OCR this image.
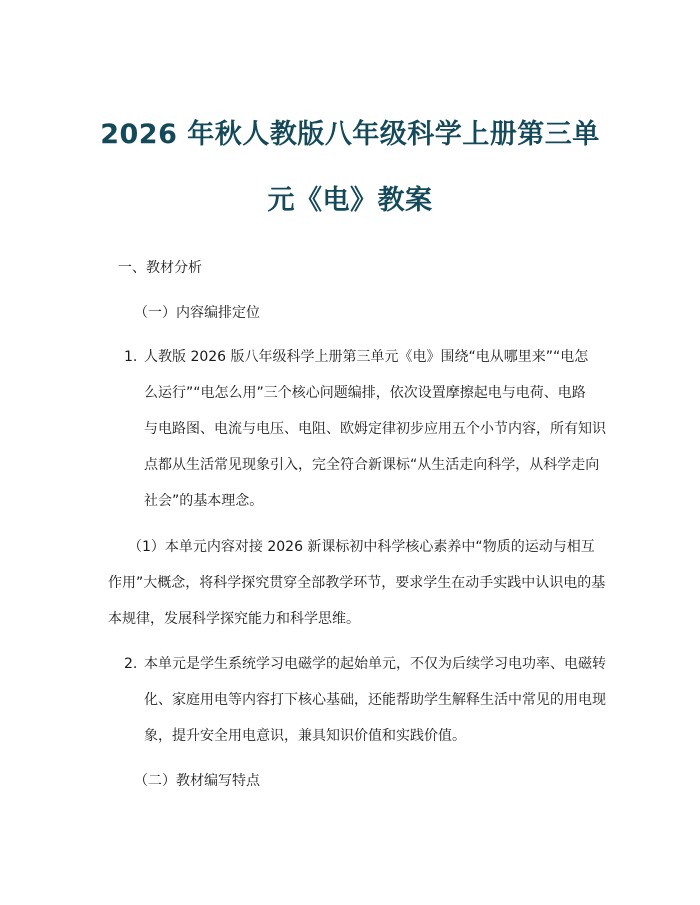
2026 年秋人教版八年级科学上册第三单
元《电》教案
一、教材分析
（一）内容编排定位
1. 人教版 2026 版八年级科学上册第三单元《电》围绕“电从哪里来”“电怎
么运行”“电怎么用”三个核心问题编排，依次设置摩擦起电与电荷、电路
与电路图、电流与电压、电阻、欧姆定律初步应用五个小节内容，所有知识
点都从生活常见现象引入，完全符合新课标“从生活走向科学，从科学走向
社会”的基本理念。
（1）本单元内容对接 2026 新课标初中科学核心素养中“物质的运动与相互
作用”大概念，将科学探究贯穿全部教学环节，要求学生在动手实践中认识电的基
本规律，发展科学探究能力和科学思维。
2. 本单元是学生系统学习电磁学的起始单元，不仅为后续学习电功率、电磁转
化、家庭用电等内容打下核心基础，还能帮助学生解释生活中常见的用电现
象，提升安全用电意识，兼具知识价值和实践价值。
（二）教材编写特点
